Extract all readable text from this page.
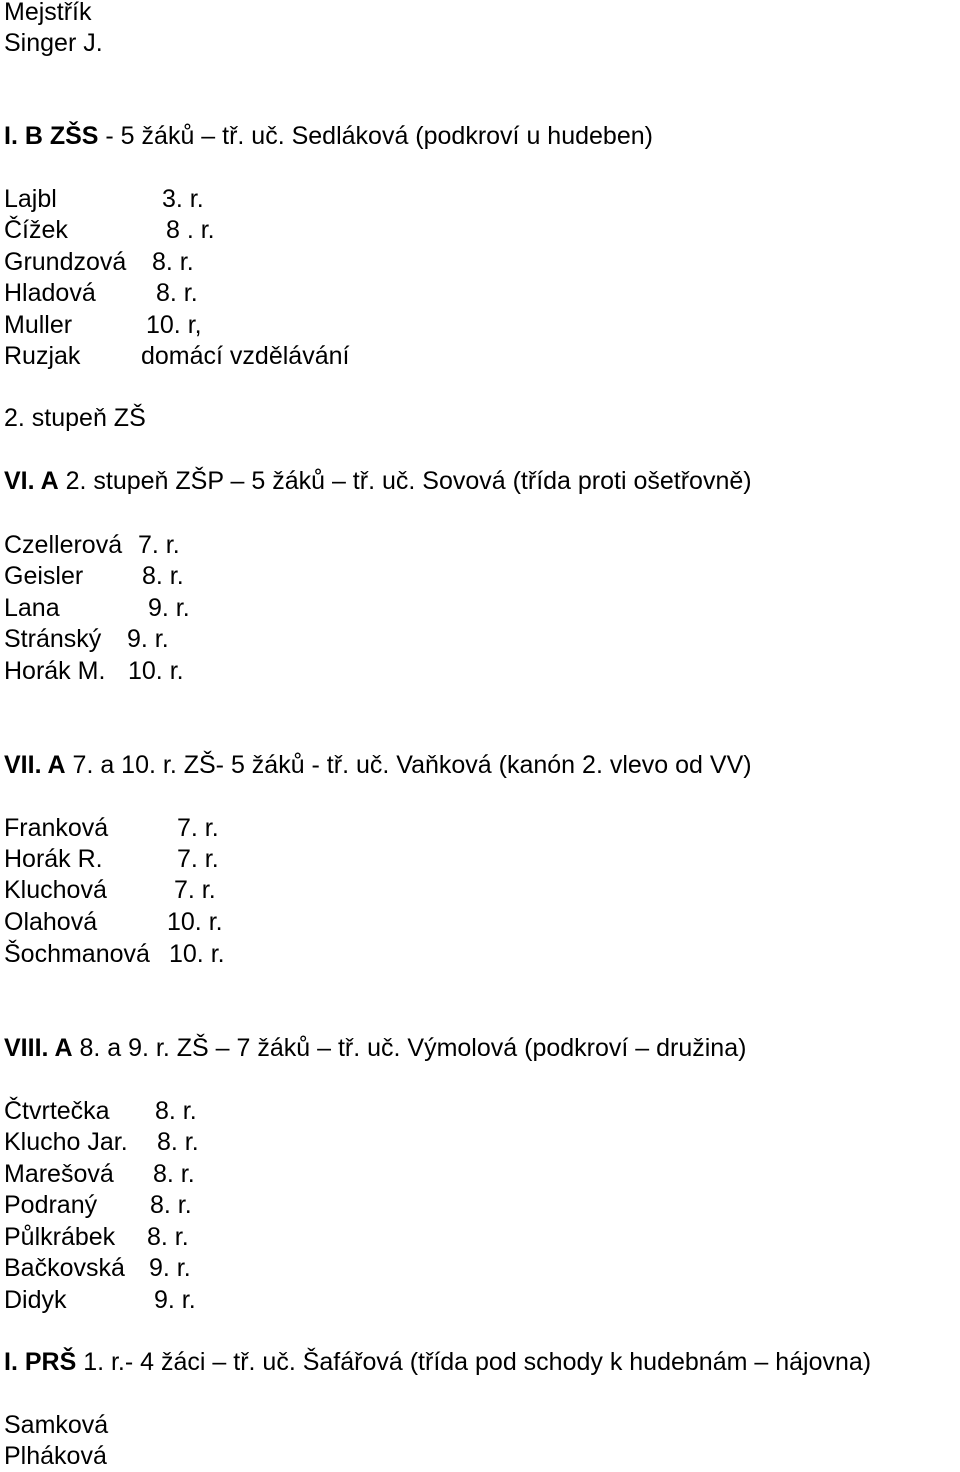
Mejstřík
Singer J.
I. B ZŠS - 5 žáků – tř. uč. Sedláková (podkroví u hudeben)
Lajbl	3. r.
Čížek	8 . r.
Grundzová 8. r.
Hladová 8. r.
Muller	10. r,
Ruzjak domácí vzdělávání
2. stupeň ZŠ
VI. A 2. stupeň ZŠP – 5 žáků – tř. uč. Sovová (třída proti ošetřovně)
Czellerová 7. r.
Geisler 8. r.
Lana	9. r.
Stránský 9. r.
Horák M. 10. r.
VII. A 7. a 10. r. ZŠ- 5 žáků - tř. uč. Vaňková (kanón 2. vlevo od VV)
Franková	7. r.
Horák R.	7. r.
Kluchová	7. r.
Olahová	10. r.
Šochmanová 10. r.
VIII. A 8. a 9. r. ZŠ – 7 žáků – tř. uč. Výmolová (podkroví – družina)
Čtvrtečka 8. r.
Klucho Jar. 8. r.
Marešová 8. r.
Podraný 8. r.
Půlkrábek 8. r.
Bačkovská 9. r.
Didyk	9. r.
I. PRŠ 1. r.- 4 žáci – tř. uč. Šafářová (třída pod schody k hudebnám – hájovna)
Samková
Plháková
